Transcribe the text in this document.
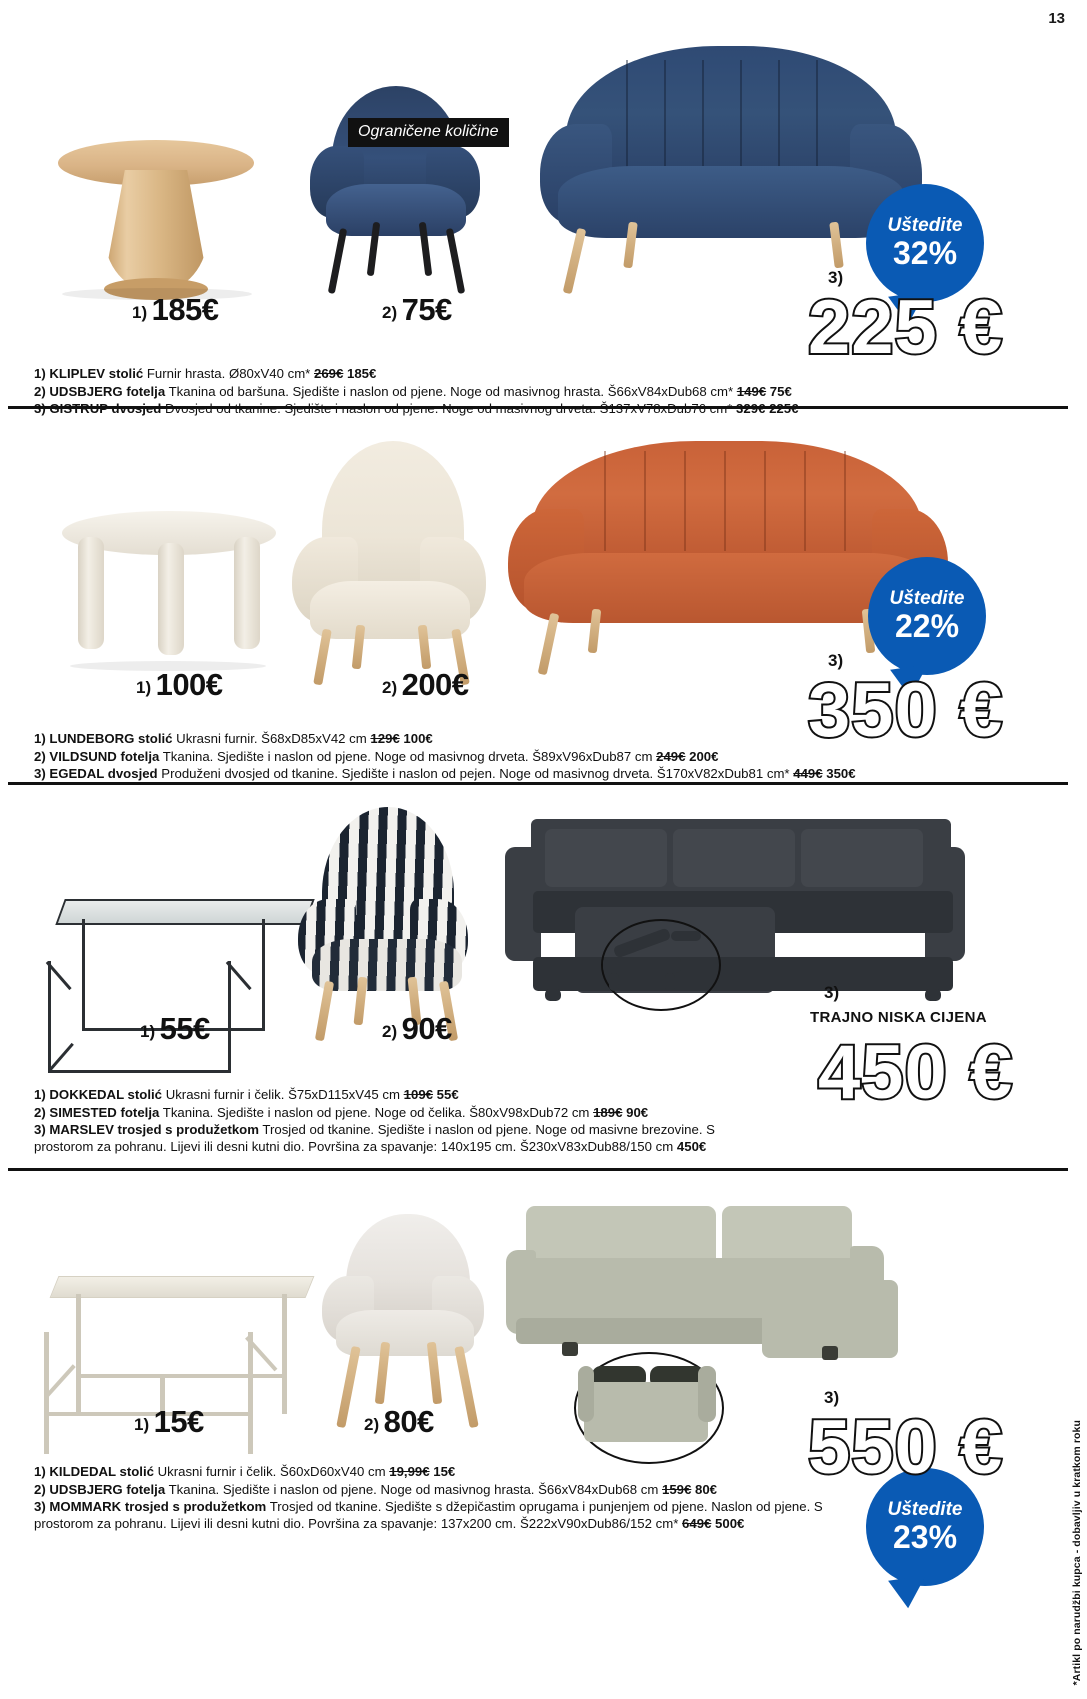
13
*Artikl po narudžbi kupca - dobavljiv u kratkom roku
Ograničene količine
Uštedite
32%
1) 185€	2) 75€
3)
225 €

1) KLIPLEV stolić Furnir hrasta. Ø80xV40 cm* 269€ 185€

2) UDSBJERG fotelja Tkanina od baršuna. Sjedište i naslon od pjene. Noge od masivnog hrasta. Š66xV84xDub68 cm* 149€ 75€

3) GISTRUP dvosjed Dvosjed od tkanine. Sjedište i naslon od pjene. Noge od masivnog drveta. Š137xV78xDub76 cm* 329€ 225€

Uštedite
22%
1) 100€	2) 200€
3)
350 €

1) LUNDEBORG stolić Ukrasni furnir. Š68xD85xV42 cm 129€ 100€

2) VILDSUND fotelja Tkanina. Sjedište i naslon od pjene. Noge od masivnog drveta. Š89xV96xDub87 cm 249€ 200€

3) EGEDAL dvosjed Produženi dvosjed od tkanine. Sjedište i naslon od pejen. Noge od masivnog drveta. Š170xV82xDub81 cm* 449€ 350€

1) 55€	2) 90€
3)
TRAJNO NISKA CIJENA
450 €

1) DOKKEDAL stolić Ukrasni furnir i čelik. Š75xD115xV45 cm 109€ 55€

2) SIMESTED fotelja Tkanina. Sjedište i naslon od pjene. Noge od čelika. Š80xV98xDub72 cm 189€ 90€

3) MARSLEV trosjed s produžetkom Trosjed od tkanine. Sjedište i naslon od pjene. Noge od masivne brezovine. S prostorom za pohranu. Lijevi ili desni kutni dio. Površina za spavanje: 140x195 cm. Š230xV83xDub88/150 cm 450€

Uštedite
23%
1) 15€	2) 80€
3)
550 €

1) KILDEDAL stolić Ukrasni furnir i čelik. Š60xD60xV40 cm 19,99€ 15€

2) UDSBJERG fotelja Tkanina. Sjedište i naslon od pjene. Noge od masivnog hrasta. Š66xV84xDub68 cm 159€ 80€

3) MOMMARK trosjed s produžetkom Trosjed od tkanine. Sjedište s džepičastim oprugama i punjenjem od pjene. Naslon od pjene. S prostorom za pohranu. Lijevi ili desni kutni dio. Površina za spavanje: 137x200 cm. Š222xV90xDub86/152 cm* 649€ 500€
